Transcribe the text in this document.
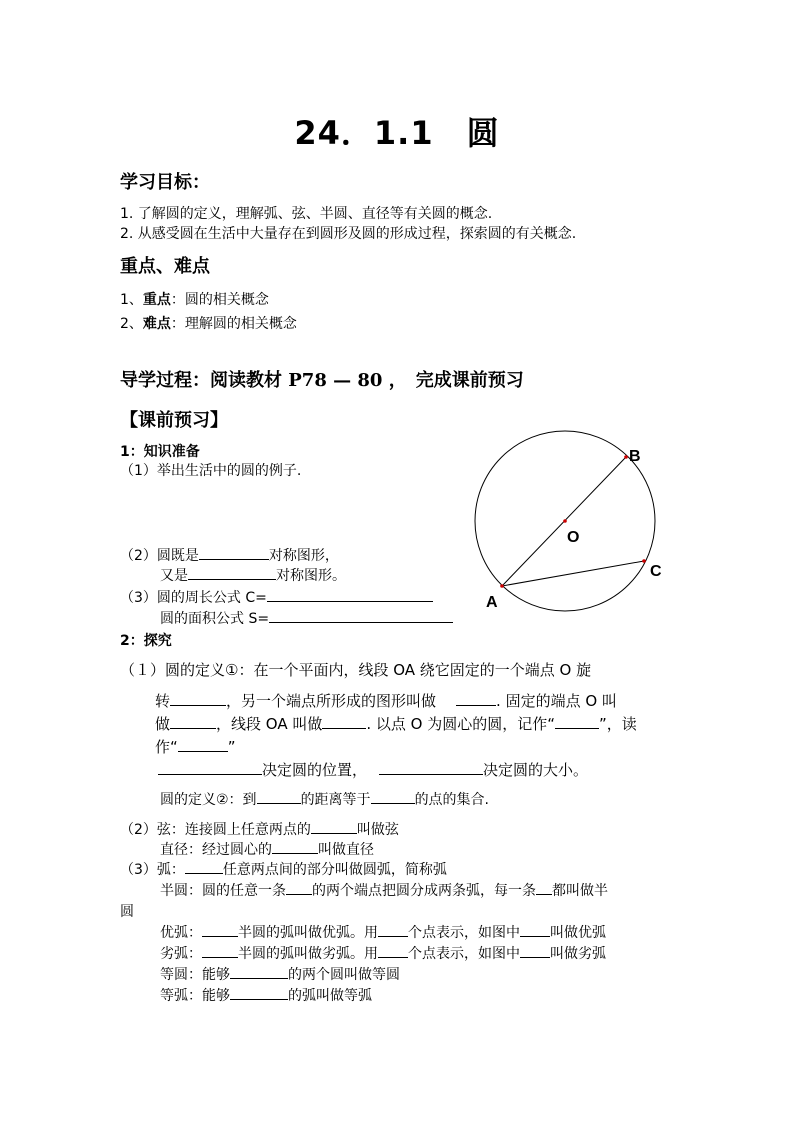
24．1.1　圆
学习目标：
1. 了解圆的定义，理解弧、弦、半圆、直径等有关圆的概念.
2. 从感受圆在生活中大量存在到圆形及圆的形成过程，探索圆的有关概念.
重点、难点
1、重点：圆的相关概念
2、难点：理解圆的相关概念
导学过程：阅读教材 P78 — 80 ，　完成课前预习
【课前预习】
1：知识准备
（1）举出生活中的圆的例子.
（2）圆既是	对称图形，
又是	对称图形。
（3）圆的周长公式 C=
圆的面积公式 S=
B
O
C
A
2：探究
（１）圆的定义①：在一个平面内，线段 OA 绕它固定的一个端点 O 旋
转	，另一个端点所形成的图形叫做	. 固定的端点 O 叫
做	，线段 OA 叫做	. 以点 O 为圆心的圆，记作“	”，读
作“	”
决定圆的位置，	决定圆的大小。
圆的定义②：到	的距离等于	的点的集合.
（2）弦：连接圆上任意两点的	叫做弦
直径：经过圆心的	叫做直径
（3）弧：	任意两点间的部分叫做圆弧，简称弧
半圆：圆的任意一条 的两个端点把圆分成两条弧，每一条 都叫做半
圆
优弧：	半圆的弧叫做优弧。用 个点表示，如图中 叫做优弧
劣弧：	半圆的弧叫做劣弧。用 个点表示，如图中 叫做劣弧
等圆：能够	的两个圆叫做等圆
等弧：能够	的弧叫做等弧
